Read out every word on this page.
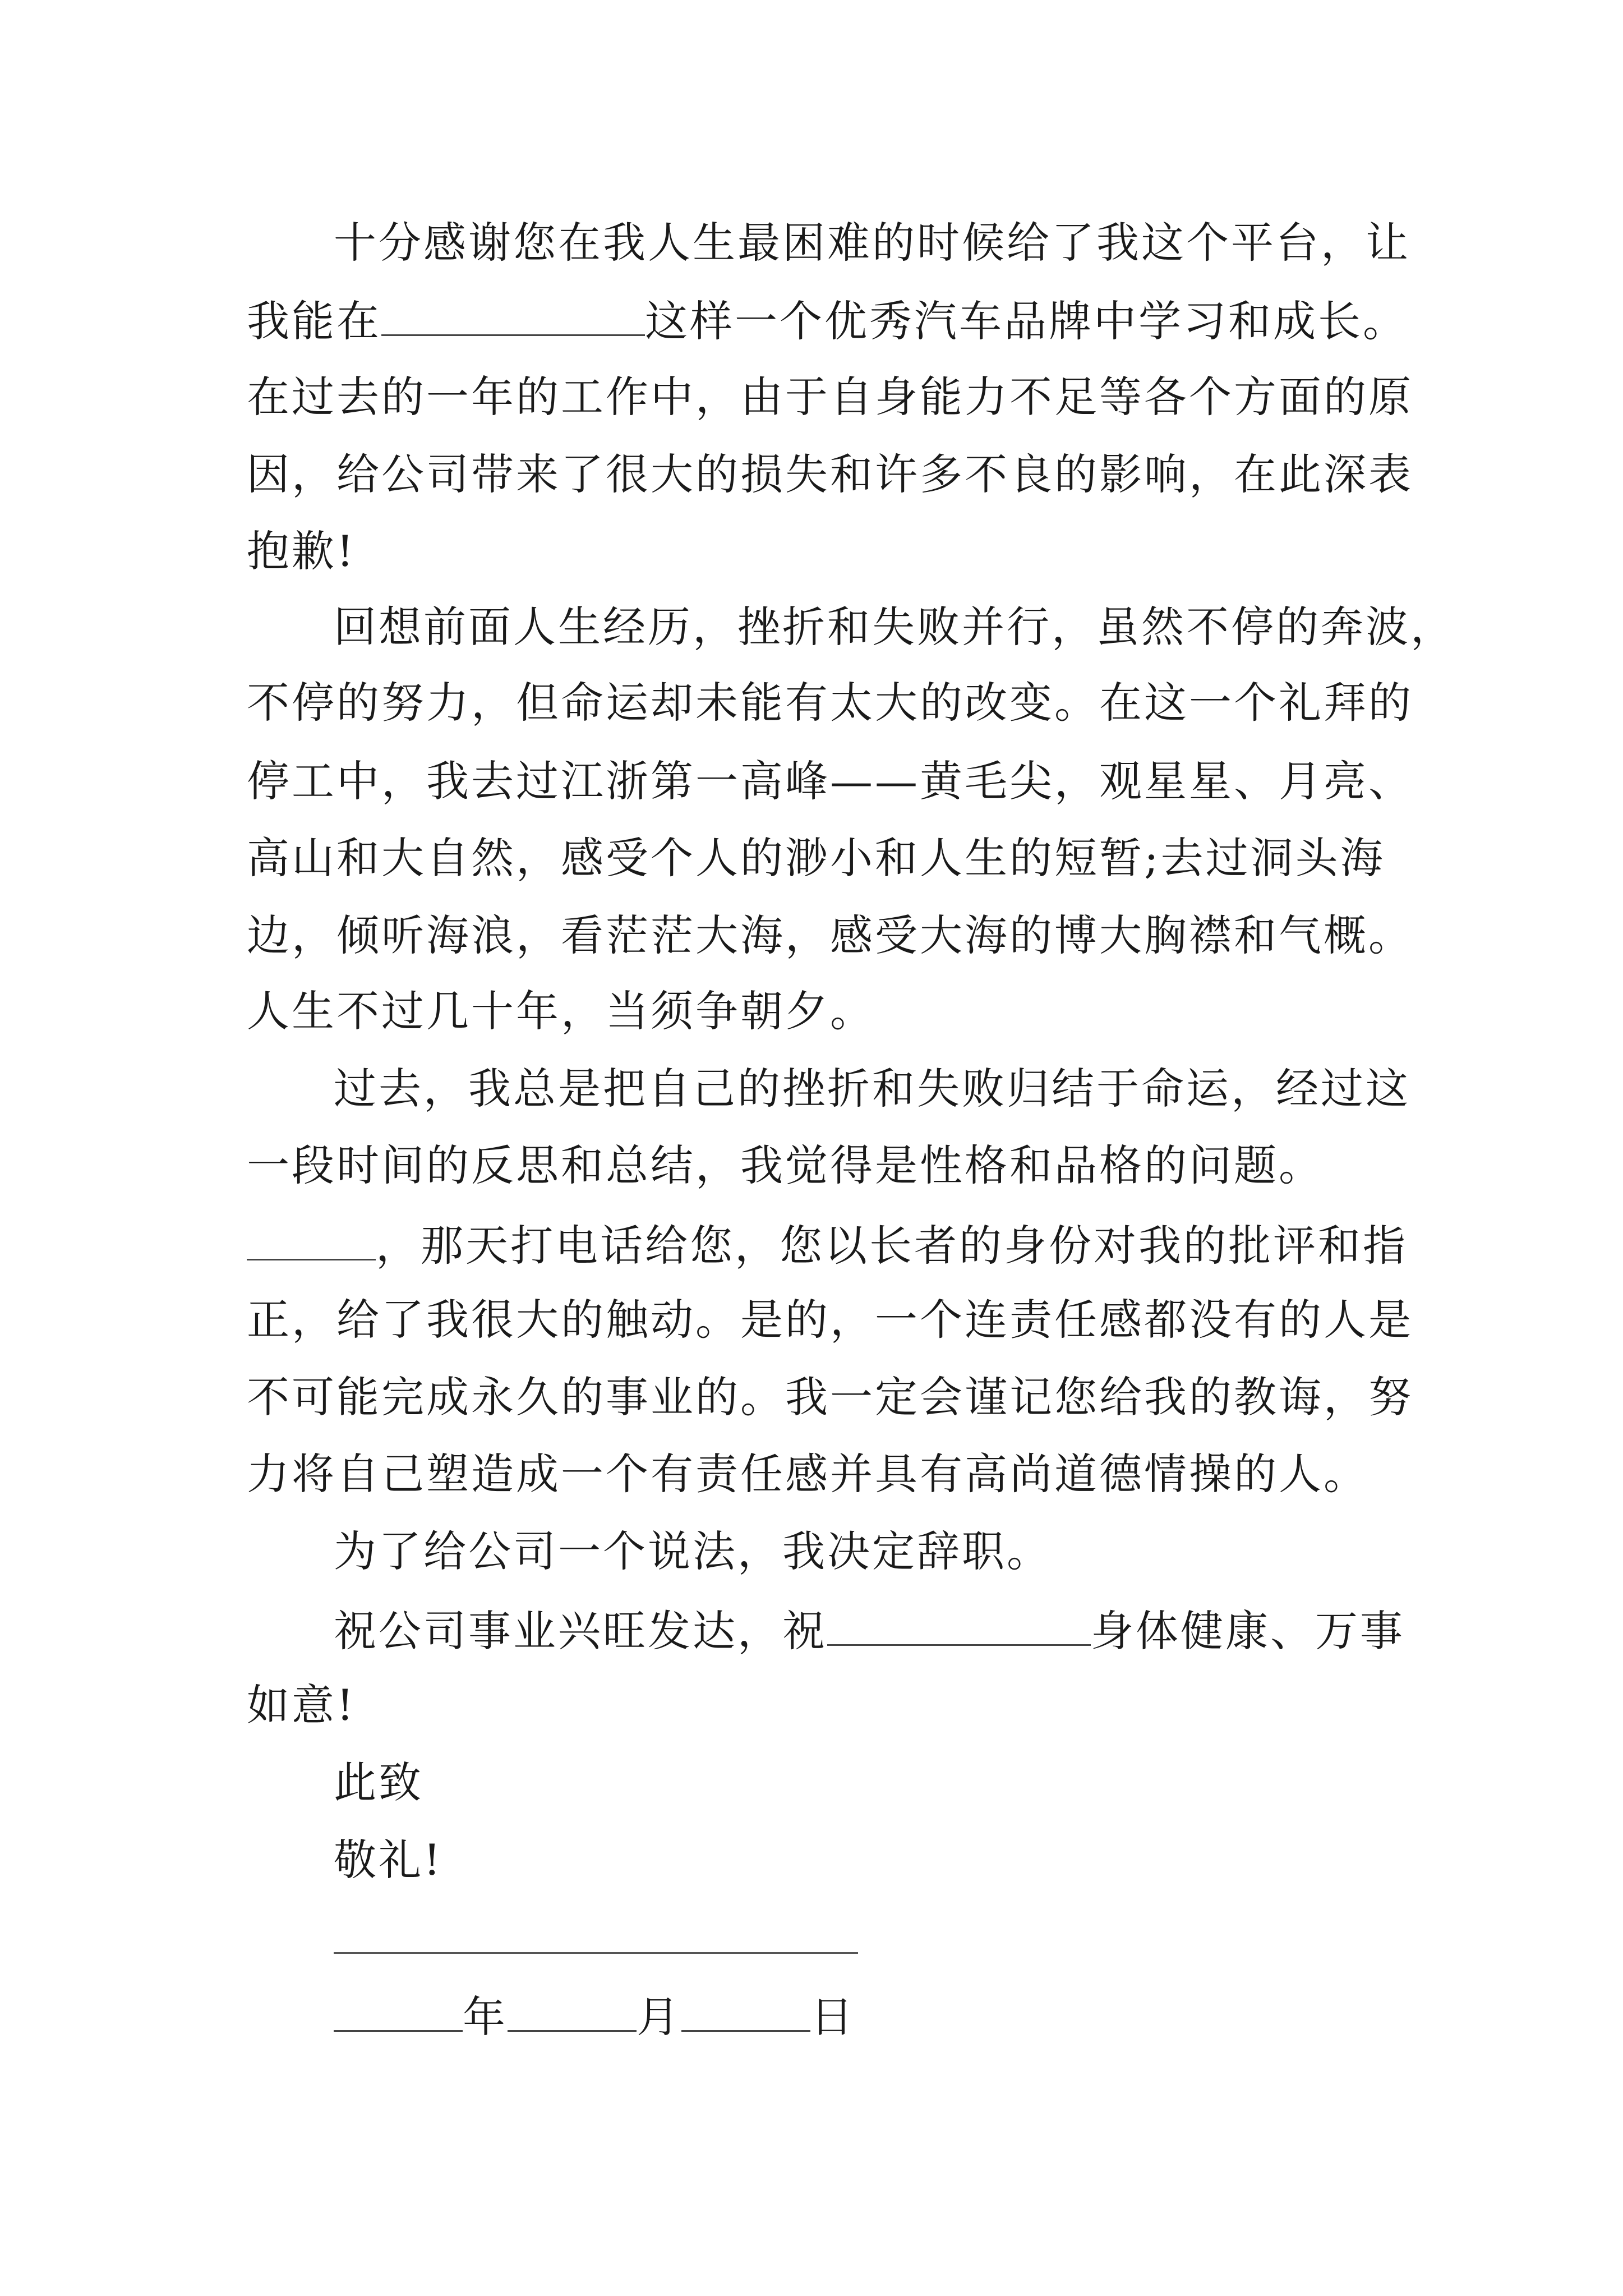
十分感谢您在我人生最困难的时候给了我这个平台，让
我能在	这样一个优秀汽车品牌中学习和成长。
在过去的一年的工作中，由于自身能力不足等各个方面的原
因，给公司带来了很大的损失和许多不良的影响，在此深表
抱歉!
回想前面人生经历，挫折和失败并行，虽然不停的奔波，
不停的努力，但命运却未能有太大的改变。在这一个礼拜的
停工中，我去过江浙第一高峰——黄毛尖，观星星、月亮、
高山和大自然，感受个人的渺小和人生的短暂;去过洞头海
边，倾听海浪，看茫茫大海，感受大海的博大胸襟和气概。
人生不过几十年，当须争朝夕。
过去，我总是把自己的挫折和失败归结于命运，经过这
一段时间的反思和总结，我觉得是性格和品格的问题。
，那天打电话给您，您以长者的身份对我的批评和指
正，给了我很大的触动。是的，一个连责任感都没有的人是
不可能完成永久的事业的。我一定会谨记您给我的教诲，努
力将自己塑造成一个有责任感并具有高尚道德情操的人。
为了给公司一个说法，我决定辞职。
祝公司事业兴旺发达，祝	身体健康、万事
如意!
此致
敬礼!
年	月	日
